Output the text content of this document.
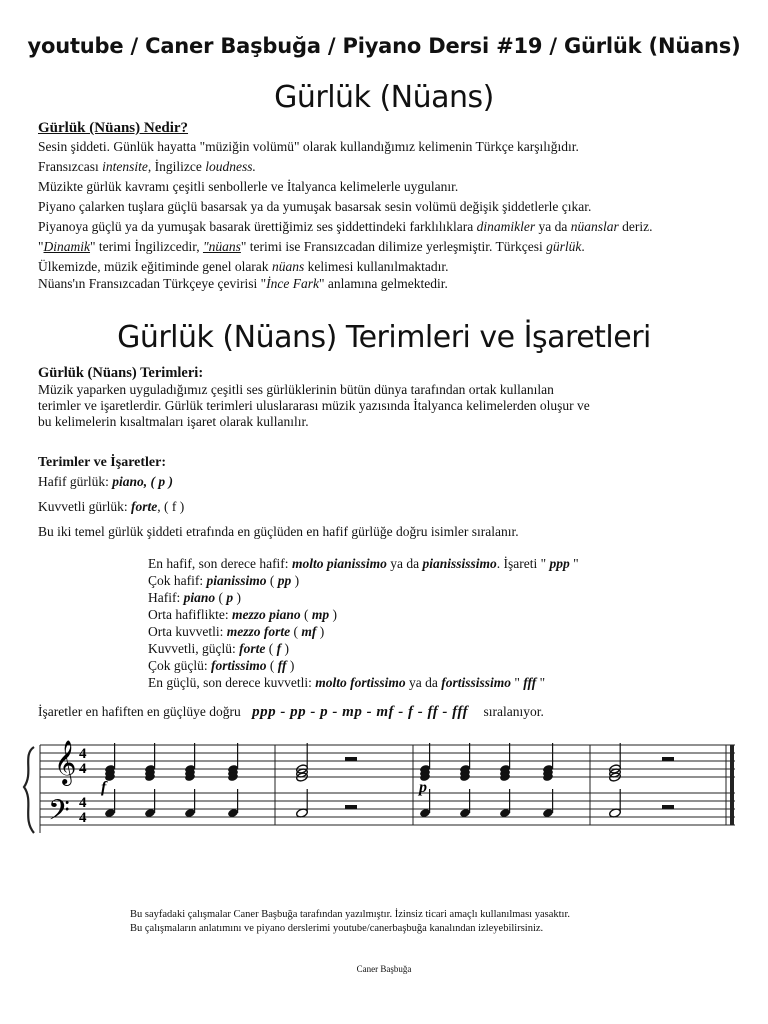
youtube / Caner Başbuğa / Piyano Dersi #19 / Gürlük (Nüans)
Gürlük (Nüans)
Gürlük (Nüans) Nedir?

Sesin şiddeti. Günlük hayatta "müziğin volümü" olarak kullandığımız kelimenin Türkçe karşılığıdır.

Fransızcası intensite, İngilizce loudness.

Müzikte gürlük kavramı çeşitli senbollerle ve İtalyanca kelimelerle uygulanır.

Piyano çalarken tuşlara güçlü basarsak ya da yumuşak basarsak sesin volümü değişik şiddetlerle çıkar.

Piyanoya güçlü ya da yumuşak basarak ürettiğimiz ses şiddettindeki farklılıklara dinamikler ya da nüanslar deriz.

"Dinamik" terimi İngilizcedir, "nüans" terimi ise Fransızcadan dilimize yerleşmiştir. Türkçesi gürlük.

Ülkemizde, müzik eğitiminde genel olarak nüans kelimesi kullanılmaktadır.

Nüans'ın Fransızcadan Türkçeye çevirisi "İnce Fark" anlamına gelmektedir.

Gürlük (Nüans) Terimleri ve İşaretleri
Gürlük (Nüans) Terimleri:

Müzik yaparken uyguladığımız çeşitli ses gürlüklerinin bütün dünya tarafından ortak kullanılan

terimler ve işaretlerdir. Gürlük terimleri uluslararası müzik yazısında İtalyanca kelimelerden oluşur ve

bu kelimelerin kısaltmaları işaret olarak kullanılır.

Terimler ve İşaretler:
Hafif gürlük: piano, ( p )
Kuvvetli gürlük: forte, ( f )
Bu iki temel gürlük şiddeti etrafında en güçlüden en hafif gürlüğe doğru isimler sıralanır.
En hafif, son derece hafif: molto pianissimo ya da pianississimo. İşareti " ppp "
Çok hafif: pianissimo ( pp )
Hafif: piano ( p )
Orta hafiflikte: mezzo piano ( mp )
Orta kuvvetli: mezzo forte ( mf )
Kuvvetli, güçlü: forte ( f )
Çok güçlü: fortissimo ( ff )
En güçlü, son derece kuvvetli: molto fortissimo ya da fortississimo " fff "
İşaretler en hafiften en güçlüye doğru ppp - pp - p - mp - mf - f - ff - fff sıralanıyor.
𝄞
𝄢
4
4
4
4
f	p
Bu sayfadaki çalışmalar Caner Başbuğa tarafından yazılmıştır. İzinsiz ticari amaçlı kullanılması yasaktır.
Bu çalışmaların anlatımını ve piyano derslerimi youtube/canerbaşbuğa kanalından izleyebilirsiniz.
Caner Başbuğa
